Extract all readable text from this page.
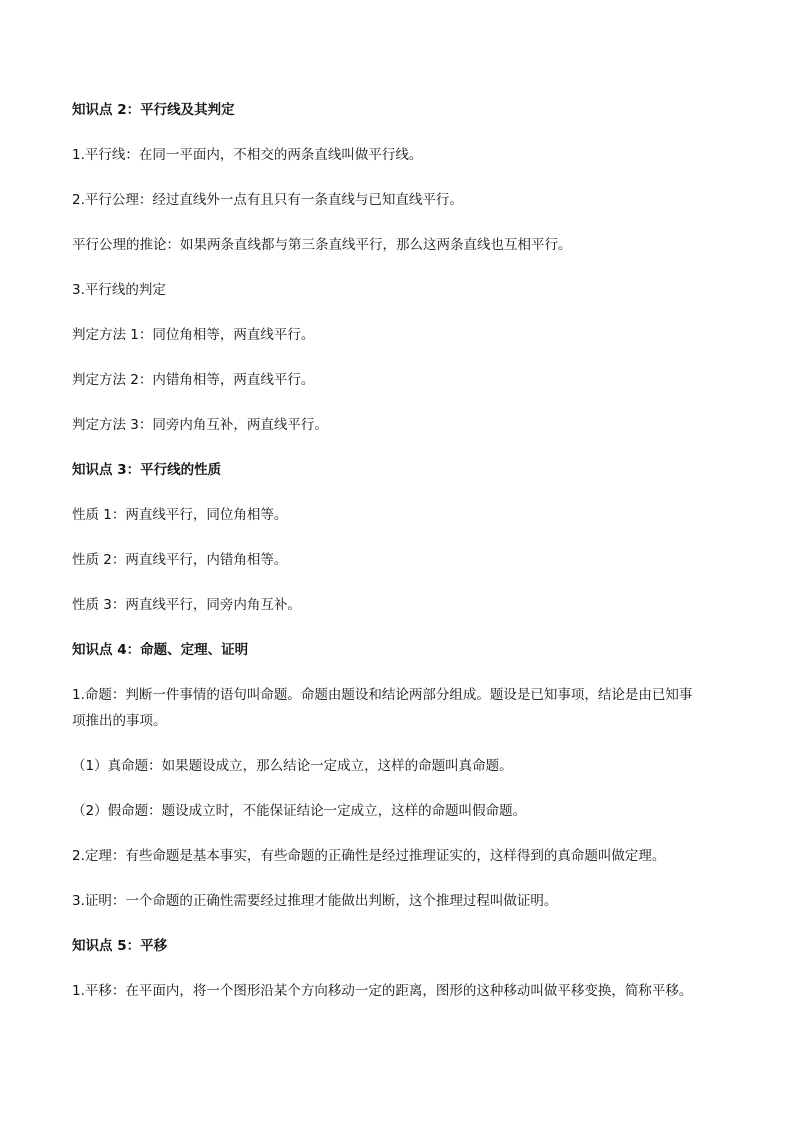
知识点 2：平行线及其判定

1.平行线：在同一平面内，不相交的两条直线叫做平行线。

2.平行公理：经过直线外一点有且只有一条直线与已知直线平行。

平行公理的推论：如果两条直线都与第三条直线平行，那么这两条直线也互相平行。

3.平行线的判定

判定方法 1：同位角相等，两直线平行。

判定方法 2：内错角相等，两直线平行。

判定方法 3：同旁内角互补，两直线平行。

知识点 3：平行线的性质

性质 1：两直线平行，同位角相等。

性质 2：两直线平行，内错角相等。

性质 3：两直线平行，同旁内角互补。

知识点 4：命题、定理、证明

1.命题：判断一件事情的语句叫命题。命题由题设和结论两部分组成。题设是已知事项，结论是由已知事

项推出的事项。

（1）真命题：如果题设成立，那么结论一定成立，这样的命题叫真命题。

（2）假命题：题设成立时，不能保证结论一定成立，这样的命题叫假命题。

2.定理：有些命题是基本事实，有些命题的正确性是经过推理证实的，这样得到的真命题叫做定理。

3.证明：一个命题的正确性需要经过推理才能做出判断，这个推理过程叫做证明。

知识点 5：平移

1.平移：在平面内，将一个图形沿某个方向移动一定的距离，图形的这种移动叫做平移变换，简称平移。
